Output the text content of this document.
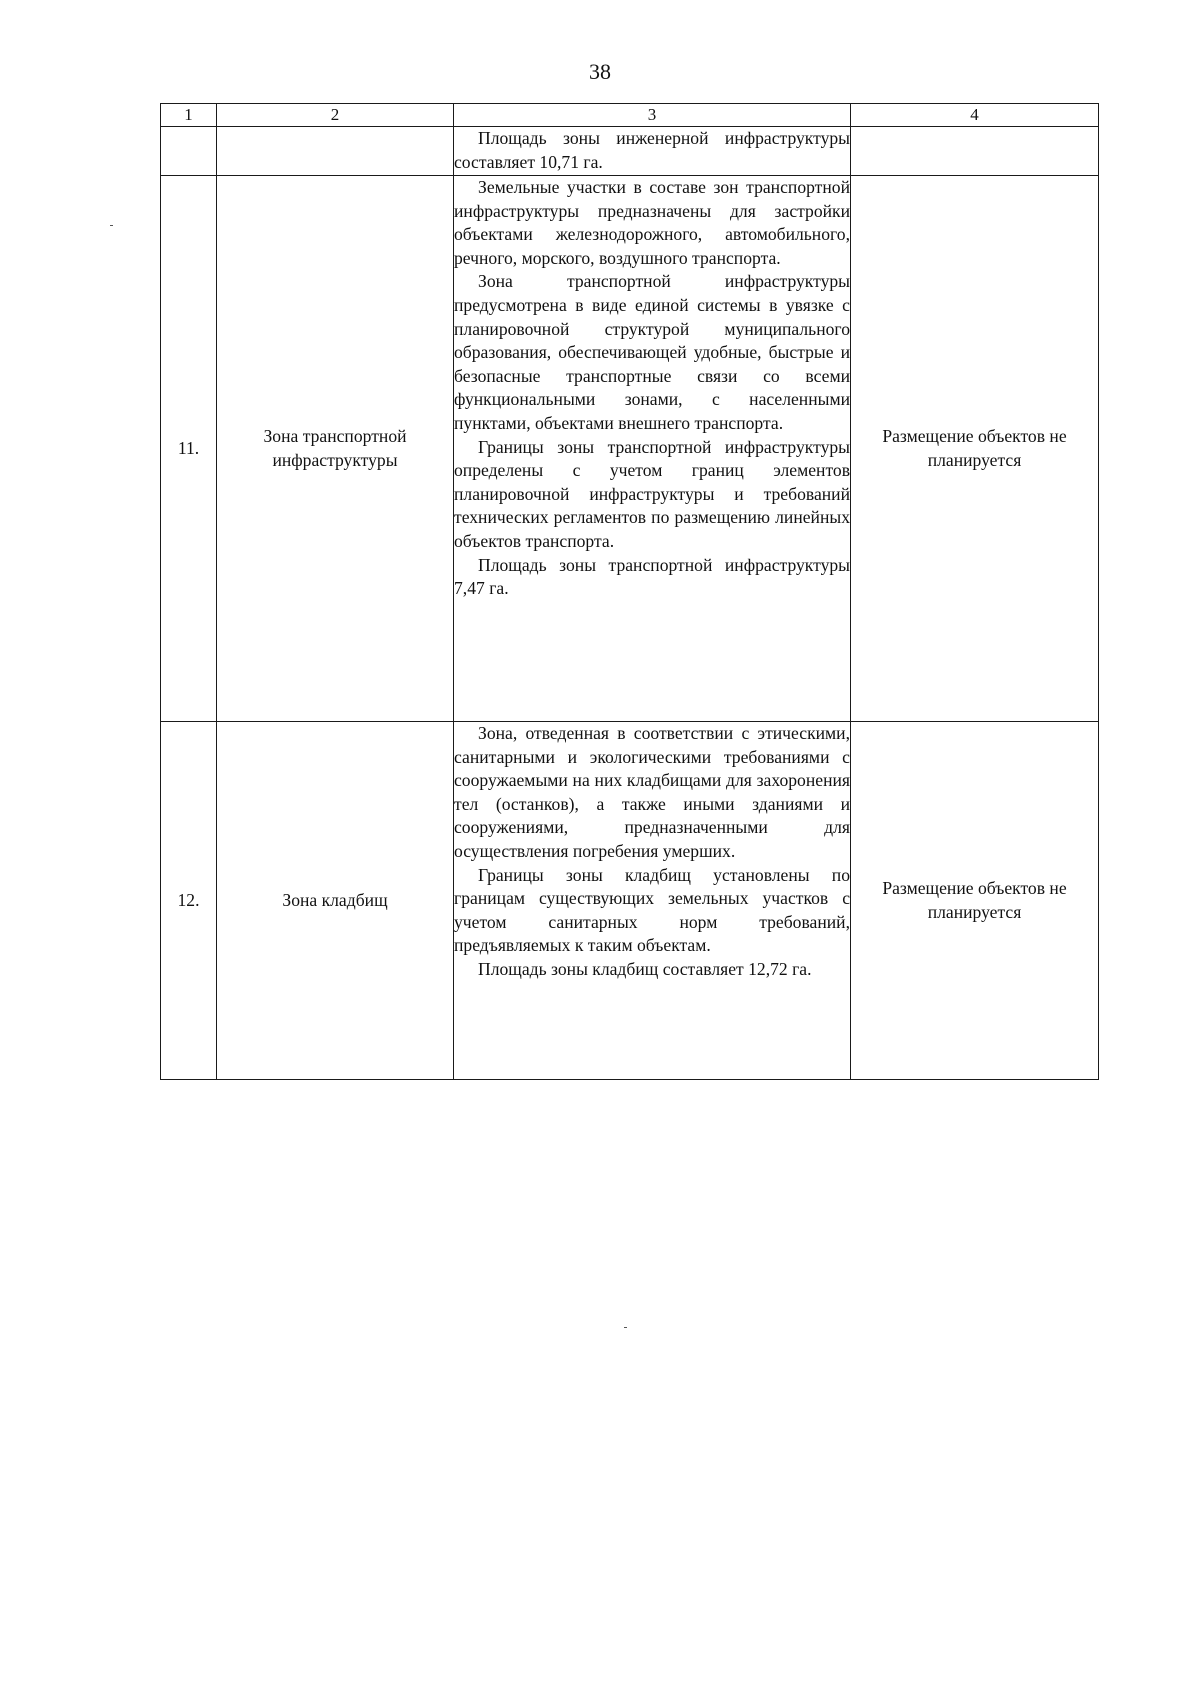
38
1	2	3	4

		Площадь зоны инженерной инфраструктуры составляет 10,71 га.	

11.	Зона транспортной инфраструктуры	Земельные участки в составе зон транспортной инфраструктуры предназначены для застройки объектами железнодорожного, автомобильного, речного, морского, воздушного транспорта.

Зона транспортной инфраструктуры предусмотрена в виде единой системы в увязке с планировочной структурой муниципального образования, обеспечивающей удобные, быстрые и безопасные транспортные связи со всеми функциональными зонами, с населенными пунктами, объектами внешнего транспорта.

Границы зоны транспортной инфраструктуры определены с учетом границ элементов планировочной инфраструктуры и требований технических регламентов по размещению линейных объектов транспорта.

Площадь зоны транспортной инфраструктуры 7,47 га.	Размещение объектов не планируется
12.	Зона кладбищ	Зона, отведенная в соответствии с этическими, санитарными и экологическими требованиями с сооружаемыми на них кладбищами для захоронения тел (останков), а также иными зданиями и сооружениями, предназначенными для осуществления погребения умерших.

Границы зоны кладбищ установлены по границам существующих земельных участков с учетом санитарных норм требований, предъявляемых к таким объектам.

Площадь зоны кладбищ составляет 12,72 га.	Размещение объектов не планируется
